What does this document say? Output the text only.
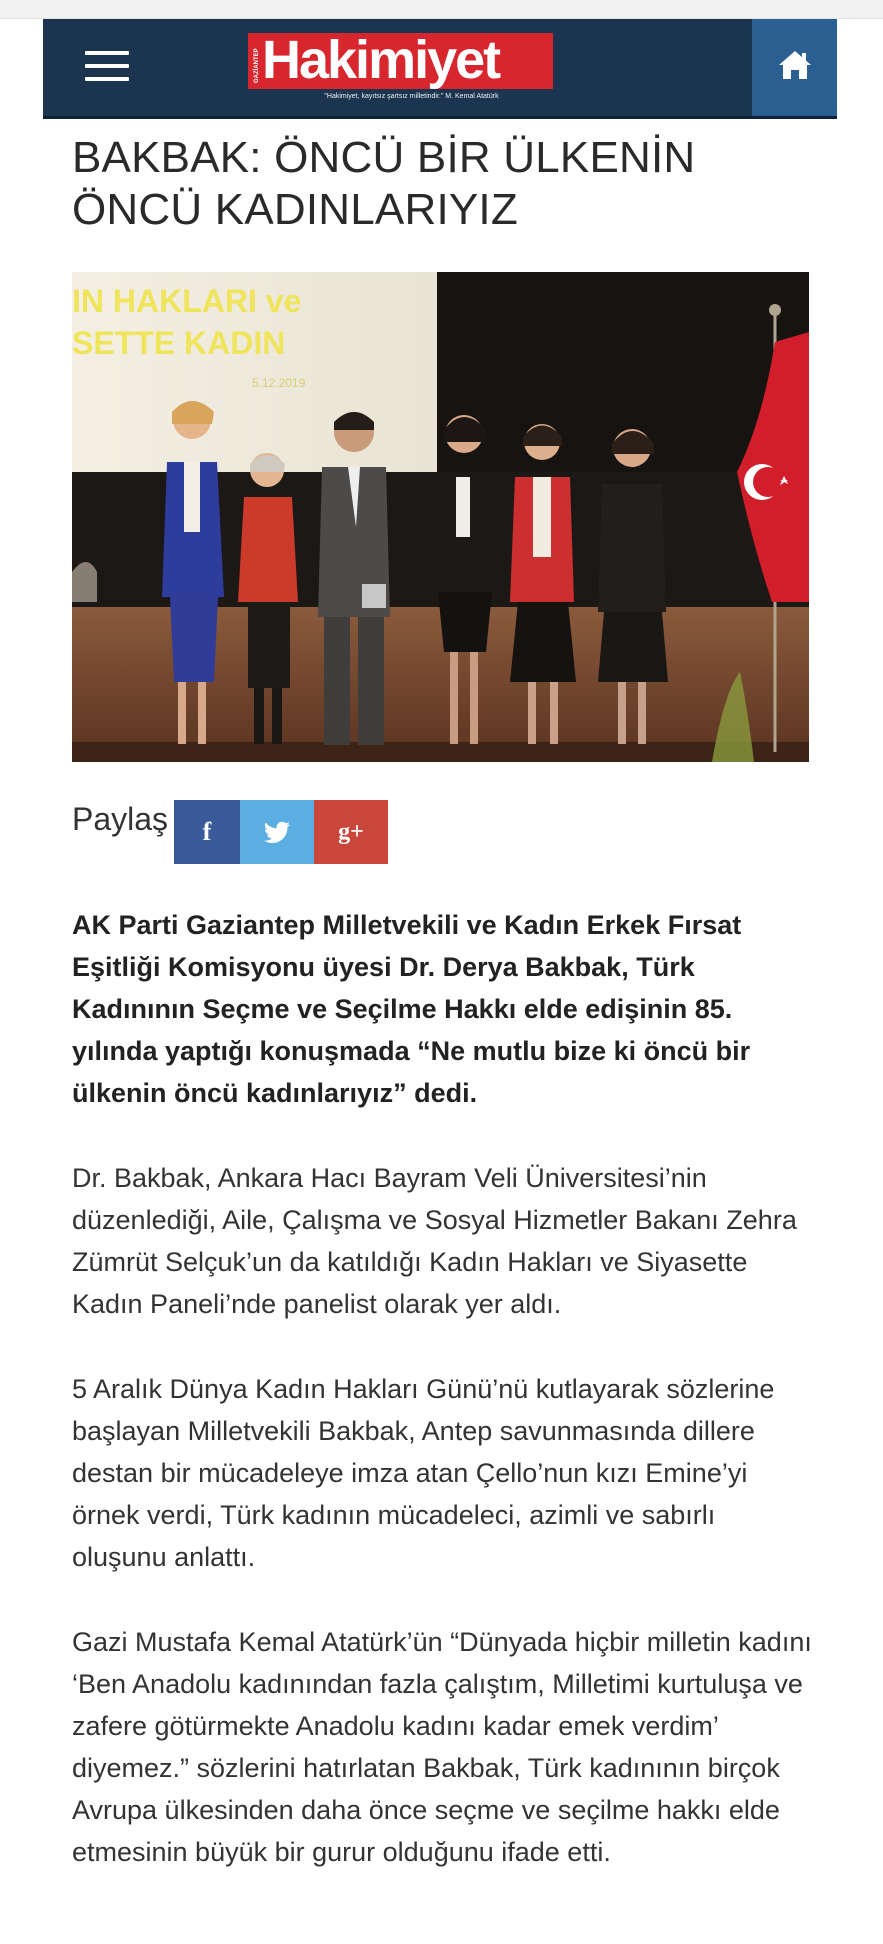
GAZİANTEP Hakimiyet
"Hakimiyet, kayıtsız şartsız milletindir." M. Kemal Atatürk
BAKBAK: ÖNCÜ BİR ÜLKENİN ÖNCÜ KADINLARIYIZ
IN HAKLARI ve
SETTE KADIN
5.12.2019
Paylaş	f	g+

AK Parti Gaziantep Milletvekili ve Kadın Erkek Fırsat Eşitliği Komisyonu üyesi Dr. Derya Bakbak, Türk Kadınının Seçme ve Seçilme Hakkı elde edişinin 85. yılında yaptığı konuşmada “Ne mutlu bize ki öncü bir ülkenin öncü kadınlarıyız” dedi.

Dr. Bakbak, Ankara Hacı Bayram Veli Üniversitesi’nin düzenlediği, Aile, Çalışma ve Sosyal Hizmetler Bakanı Zehra Zümrüt Selçuk’un da katıldığı Kadın Hakları ve Siyasette Kadın Paneli’nde panelist olarak yer aldı.

5 Aralık Dünya Kadın Hakları Günü’nü kutlayarak sözlerine başlayan Milletvekili Bakbak, Antep savunmasında dillere destan bir mücadeleye imza atan Çello’nun kızı Emine’yi örnek verdi, Türk kadının mücadeleci, azimli ve sabırlı oluşunu anlattı.

Gazi Mustafa Kemal Atatürk’ün “Dünyada hiçbir milletin kadını ‘Ben Anadolu kadınından fazla çalıştım, Milletimi kurtuluşa ve zafere götürmekte Anadolu kadını kadar emek verdim’ diyemez.” sözlerini hatırlatan Bakbak, Türk kadınının birçok Avrupa ülkesinden daha önce seçme ve seçilme hakkı elde etmesinin büyük bir gurur olduğunu ifade etti.
